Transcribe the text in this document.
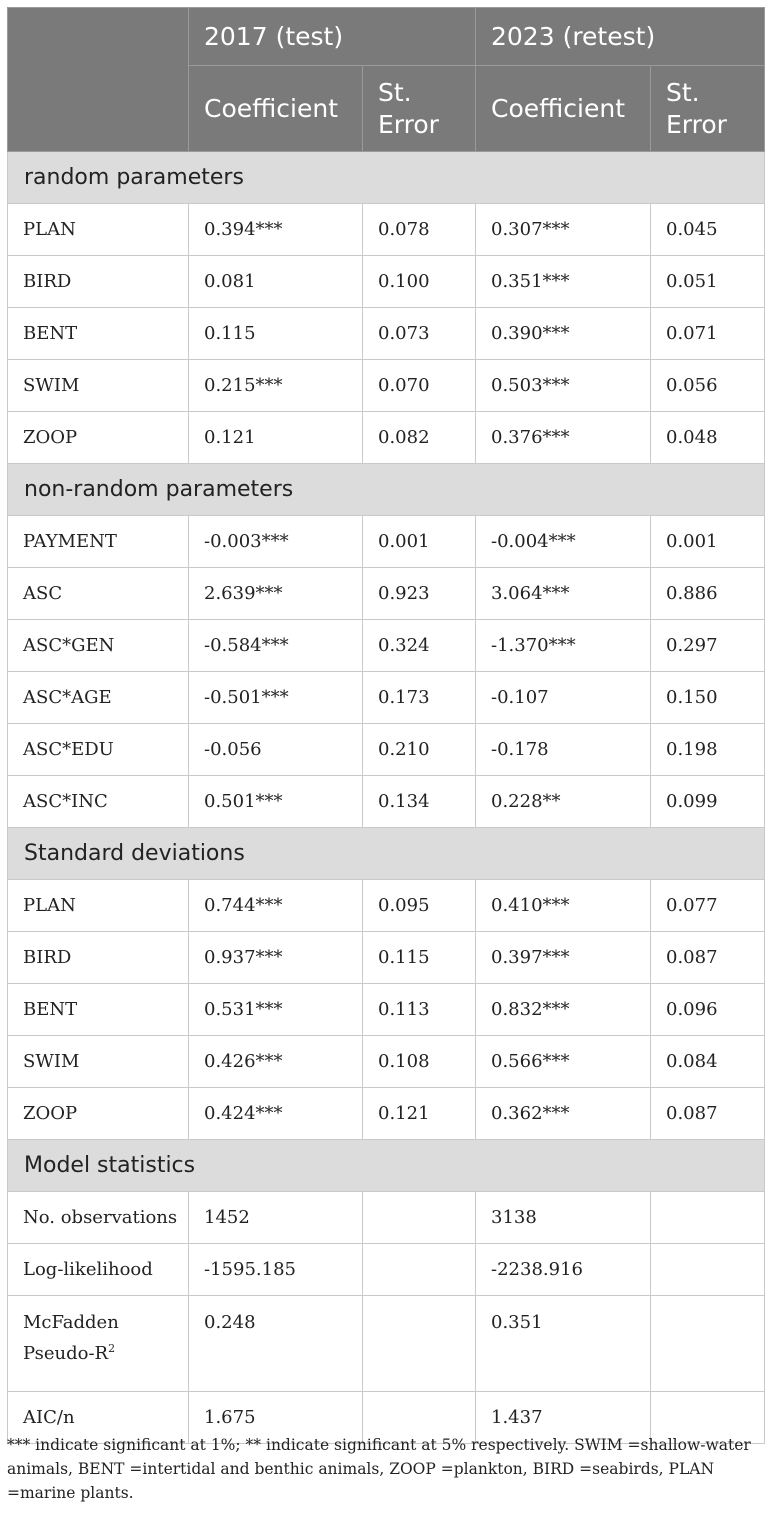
	2017 (test)		2023 (retest)	
	Coefficient	St. Error	Coefficient	St. Error
random parameters				
PLAN	0.394***	0.078	0.307***	0.045
BIRD	0.081	0.100	0.351***	0.051
BENT	0.115	0.073	0.390***	0.071
SWIM	0.215***	0.070	0.503***	0.056
ZOOP	0.121	0.082	0.376***	0.048
non-random parameters				
PAYMENT	-0.003***	0.001	-0.004***	0.001
ASC	2.639***	0.923	3.064***	0.886
ASC*GEN	-0.584***	0.324	-1.370***	0.297
ASC*AGE	-0.501***	0.173	-0.107	0.150
ASC*EDU	-0.056	0.210	-0.178	0.198
ASC*INC	0.501***	0.134	0.228**	0.099
Standard deviations				
PLAN	0.744***	0.095	0.410***	0.077
BIRD	0.937***	0.115	0.397***	0.087
BENT	0.531***	0.113	0.832***	0.096
SWIM	0.426***	0.108	0.566***	0.084
ZOOP	0.424***	0.121	0.362***	0.087
Model statistics				
No. observations	1452		3138	
Log-likelihood	-1595.185		-2238.916	
McFadden
Pseudo-$R^2$	0.248		0.351	
AIC/n	1.675		1.437	

*** indicate significant at 1%; ** indicate significant at 5% respectively. SWIM =shallow-water animals, BENT =intertidal and benthic animals, ZOOP =plankton, BIRD =seabirds, PLAN =marine plants.
